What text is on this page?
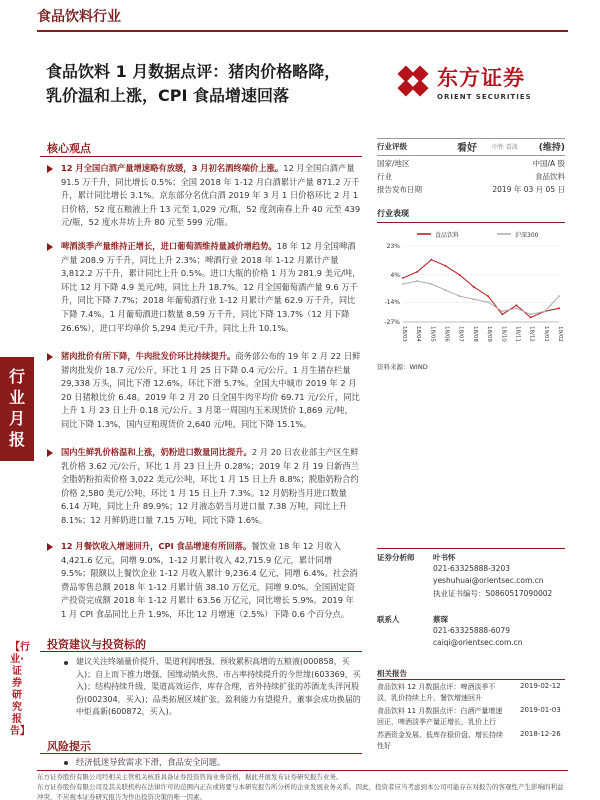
食品饮料行业
食品饮料 1 月数据点评：猪肉价格略降，
乳价温和上涨，CPI 食品增速回落
东方证券
ORIENT SECURITIES
行业月报
【行业·证券研究报告】
核心观点
12 月全国白酒产量增速略有放缓，3 月初名酒终端价上涨。12 月全国白酒产量 91.5 万千升，同比增长 0.5%；全国 2018 年 1-12 月白酒累计产量 871.2 万千升，累计同比增长 3.1%。京东部分名优白酒 2019 年 3 月 1 日价格环比 2 月 1 日价格，52 度五粮液上升 13 元至 1,029 元/瓶，52 度剑南春上升 40 元至 439 元/瓶，52 度水井坊上升 80 元至 599 元/瓶。
啤酒淡季产量维持正增长，进口葡萄酒维持量减价增趋势。18 年 12 月全国啤酒产量 208.9 万千升，同比上升 2.3%；啤酒行业 2018 年 1-12 月累计产量 3,812.2 万千升，累计同比上升 0.5%。进口大瓶的价格 1 月为 281.9 美元/吨，环比 12 月下降 4.9 美元/吨，同比上升 18.7%。12 月全国葡萄酒产量 9.6 万千升，同比下降 7.7%；2018 年葡萄酒行业 1-12 月累计产量 62.9 万千升，同比下降 7.4%。1 月葡萄酒进口数量 8.59 万千升，同比下降 13.7%（12 月下降 26.6%），进口平均单价 5,294 美元/千升，同比上升 10.1%。
猪肉批价有所下降，牛肉批发价环比持续提升。商务部公布的 19 年 2 月 22 日鲜猪肉批发价 18.7 元/公斤，环比 1 月 25 日下降 0.4 元/公斤。1 月生猪存栏量 29,338 万头，同比下滑 12.6%，环比下滑 5.7%。全国大中城市 2019 年 2 月 20 日猪粮比价 6.48。2019 年 2 月 20 日全国牛肉平均价 69.71 元/公斤，同比上升 1 月 23 日上升 0.18 元/公斤。3 月第一周国内玉米现货价 1,869 元/吨，同比下降 1.3%，国内豆粕现货价 2,640 元/吨，同比下降 15.1%。
国内生鲜乳价格温和上涨，奶粉进口数量同比提升。2 月 20 日农业部主产区生鲜乳价格 3.62 元/公斤，环比 1 月 23 日上升 0.28%；2019 年 2 月 19 日新西兰全脂奶粉拍卖价格 3,022 美元/公吨，环比 1 月 15 日上升 8.8%；脱脂奶粉合约价格 2,580 美元/公吨，环比 1 月 15 日上升 7.3%。12 月奶粉当月进口数量 6.14 万吨，同比上升 89.9%；12 月液态奶当月进口量 7.38 万吨，同比上升 8.1%；12 月鲜奶进口量 7.15 万吨，同比下降 1.6%。
12 月餐饮收入增速回升，CPI 食品增速有所回落。餐饮业 18 年 12 月收入 4,421.6 亿元，同增 9.0%，1-12 月累计收入 42,715.9 亿元，累计同增 9.5%；限额以上餐饮企业 1-12 月收入累计 9,236.4 亿元，同增 6.4%。社会消费品零售总额 2018 年 1-12 月累计值 38.10 万亿元，同增 9.0%。全国固定资产投资完成额 2018 年 1-12 月累计 63.56 万亿元，同比增长 5.9%。2019 年 1 月 CPI 食品同比上升 1.9%，环比 12 月增速（2.5%）下降 0.6 个百分点。
投资建议与投资标的
建议关注终端量价提升、渠道利润增强、预收累积高增的五粮液(000858，买入)；自上而下推力增强、国缘动销火热、市占率持续提升的今世缘(603369，买入)；结构持续升级、渠道高效运作，库存合理，省外持续扩张的苏酒龙头洋河股份(002304，买入)；品类拓展区域扩张，盈利能力有望提升，董事会成功换届的中炬高新(600872，买入)。
风险提示
经济低迷导致需求下滑，食品安全问题。
行业评级	看好	中性 看淡 (维持)
国家/地区	中国/A 股
行业	食品饮料
报告发布日期	2019 年 03 月 05 日
行业表现
食品饮料	沪深300
23%
4%
-14%
-27%
18/03 18/04 18/05 18/06 18/07 18/08 18/09 18/10 18/11 18/12 19/01 19/02
资料来源：WIND
证券分析师 叶书怀
021-63325888-3203
yeshuhuai@orientsec.com.cn
执业证书编号：S0860517090002
联系人	蔡琛
021-63325888-6079
caiqi@orientsec.com.cn
相关报告
食品饮料 12 月数据点评：啤酒淡季不淡，乳价持续上升，餐饮增速回升
2019-02-12
食品饮料 11 月数据点评：白酒产量增速回正，啤酒淡季产量正增长，乳价上行
2019-01-03
苏酒资金发展、低库存稳价盘、增长持续性好
2018-12-26
东方证券股份有限公司经相关主管机关核准具备证券投资咨询业务资格，据此开展发布证券研究报告业务。
东方证券股份有限公司及其关联机构在法律许可的范围内正在或将要与本研究报告所分析的企业发展业务关系。因此，投资者应当考虑到本公司可能存在对报告的客观性产生影响的利益冲突，不应视本证券研究报告为作出投资决策的唯一因素。
